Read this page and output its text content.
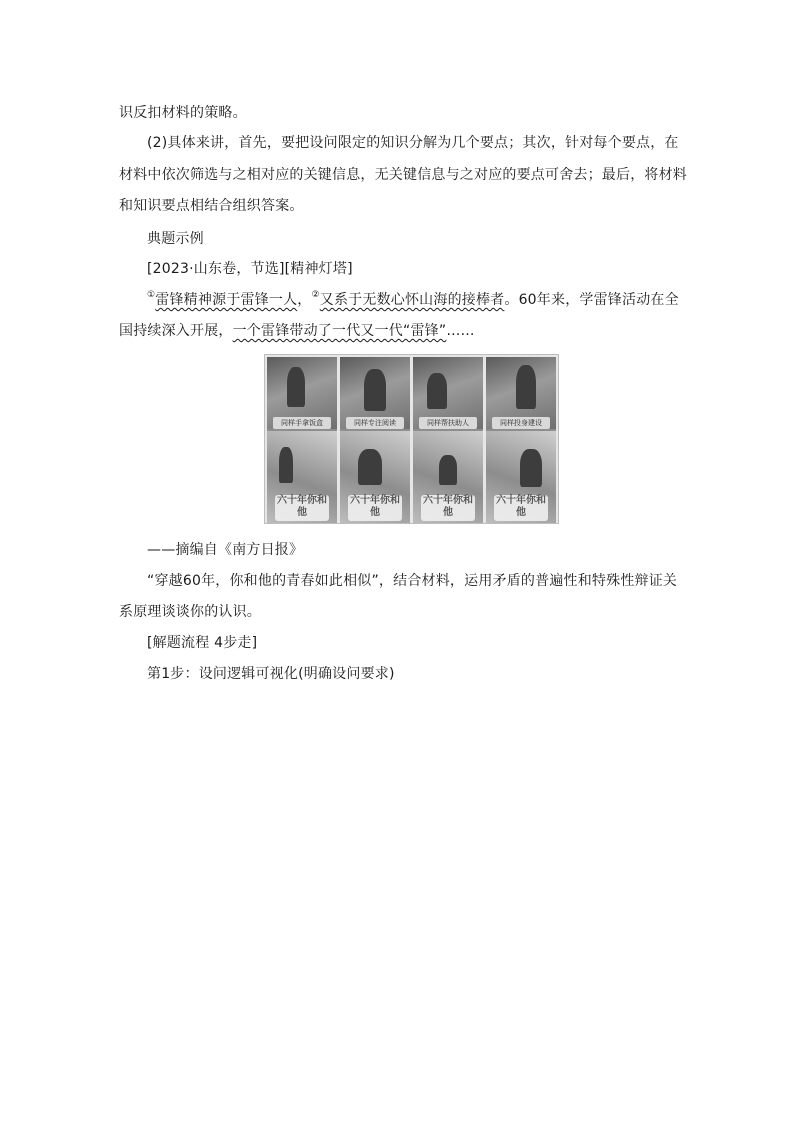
识反扣材料的策略。
(2)具体来讲，首先，要把设问限定的知识分解为几个要点；其次，针对每个要点，在
材料中依次筛选与之相对应的关键信息，无关键信息与之对应的要点可舍去；最后，将材料
和知识要点相结合组织答案。
典题示例
[2023·山东卷，节选][精神灯塔]
①雷锋精神源于雷锋一人，②又系于无数心怀山海的接棒者。60年来，学雷锋活动在全
国持续深入开展，一个雷锋带动了一代又一代“雷锋”……
同样手拿饭盒
六十年你和他
同样专注阅读
六十年你和他
同样帮扶助人
六十年你和他
同样投身建设
六十年你和他
——摘编自《南方日报》
“穿越60年，你和他的青春如此相似”，结合材料，运用矛盾的普遍性和特殊性辩证关
系原理谈谈你的认识。
[解题流程 4步走]
第1步：设问逻辑可视化(明确设问要求)
